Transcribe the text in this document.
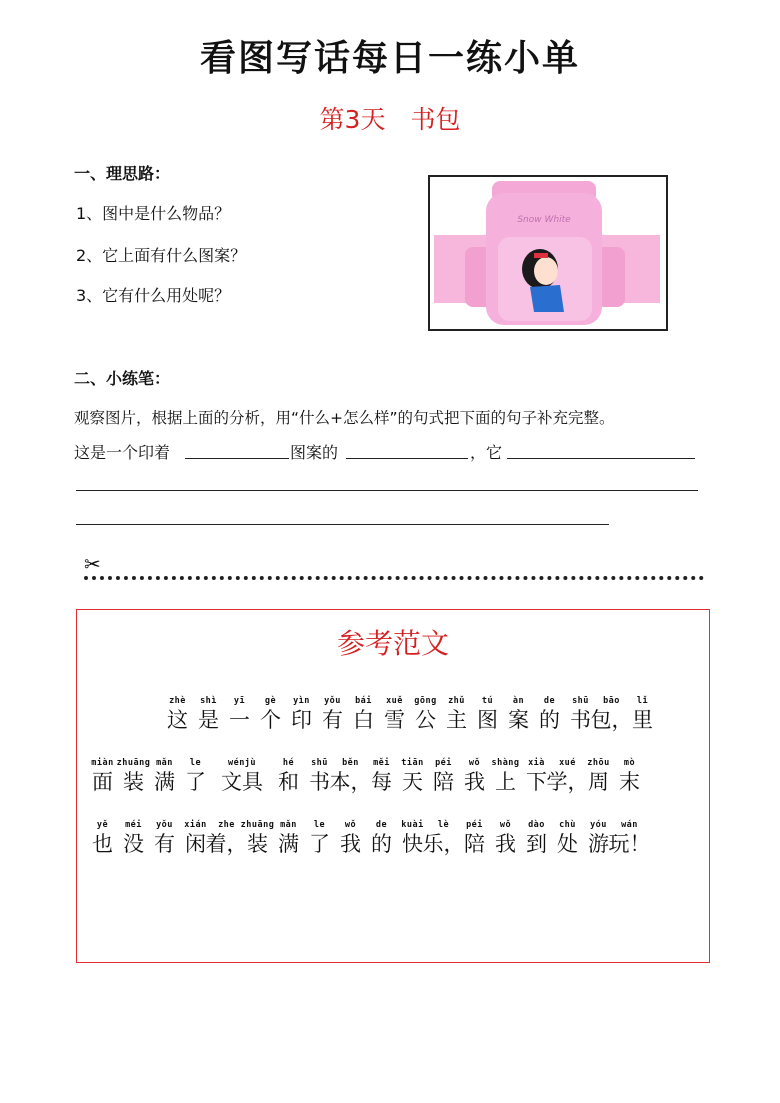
看图写话每日一练小单
第3天　书包
一、理思路：
1、图中是什么物品？
2、它上面有什么图案？
3、它有什么用处呢？
Snow White
二、小练笔：
观察图片，根据上面的分析，用“什么+怎么样”的句式把下面的句子补充完整。
这是一个印着	图案的	，它
✂
参考范文
zhè
这
shì
是
yī
一
gè
个
yìn
印
yǒu
有
bái
白
xuě
雪
gōng
公
zhǔ
主
tú
图
àn
案
de
的
shū
书
bāo
包，
lǐ
里
miàn
面
zhuāng
装
mǎn
满
le
了
wénjù
文具
hé
和
shū
书
běn
本，
měi
每
tiān
天
péi
陪
wǒ
我
shàng
上
xià
下
xué
学，
zhōu
周
mò
末
yě
也
méi
没
yǒu
有
xián
闲
zhe
着，
zhuāng
装
mǎn
满
le
了
wǒ
我
de
的
kuài
快
lè
乐，
péi
陪
wǒ
我
dào
到
chù
处
yóu
游
wán
玩！
